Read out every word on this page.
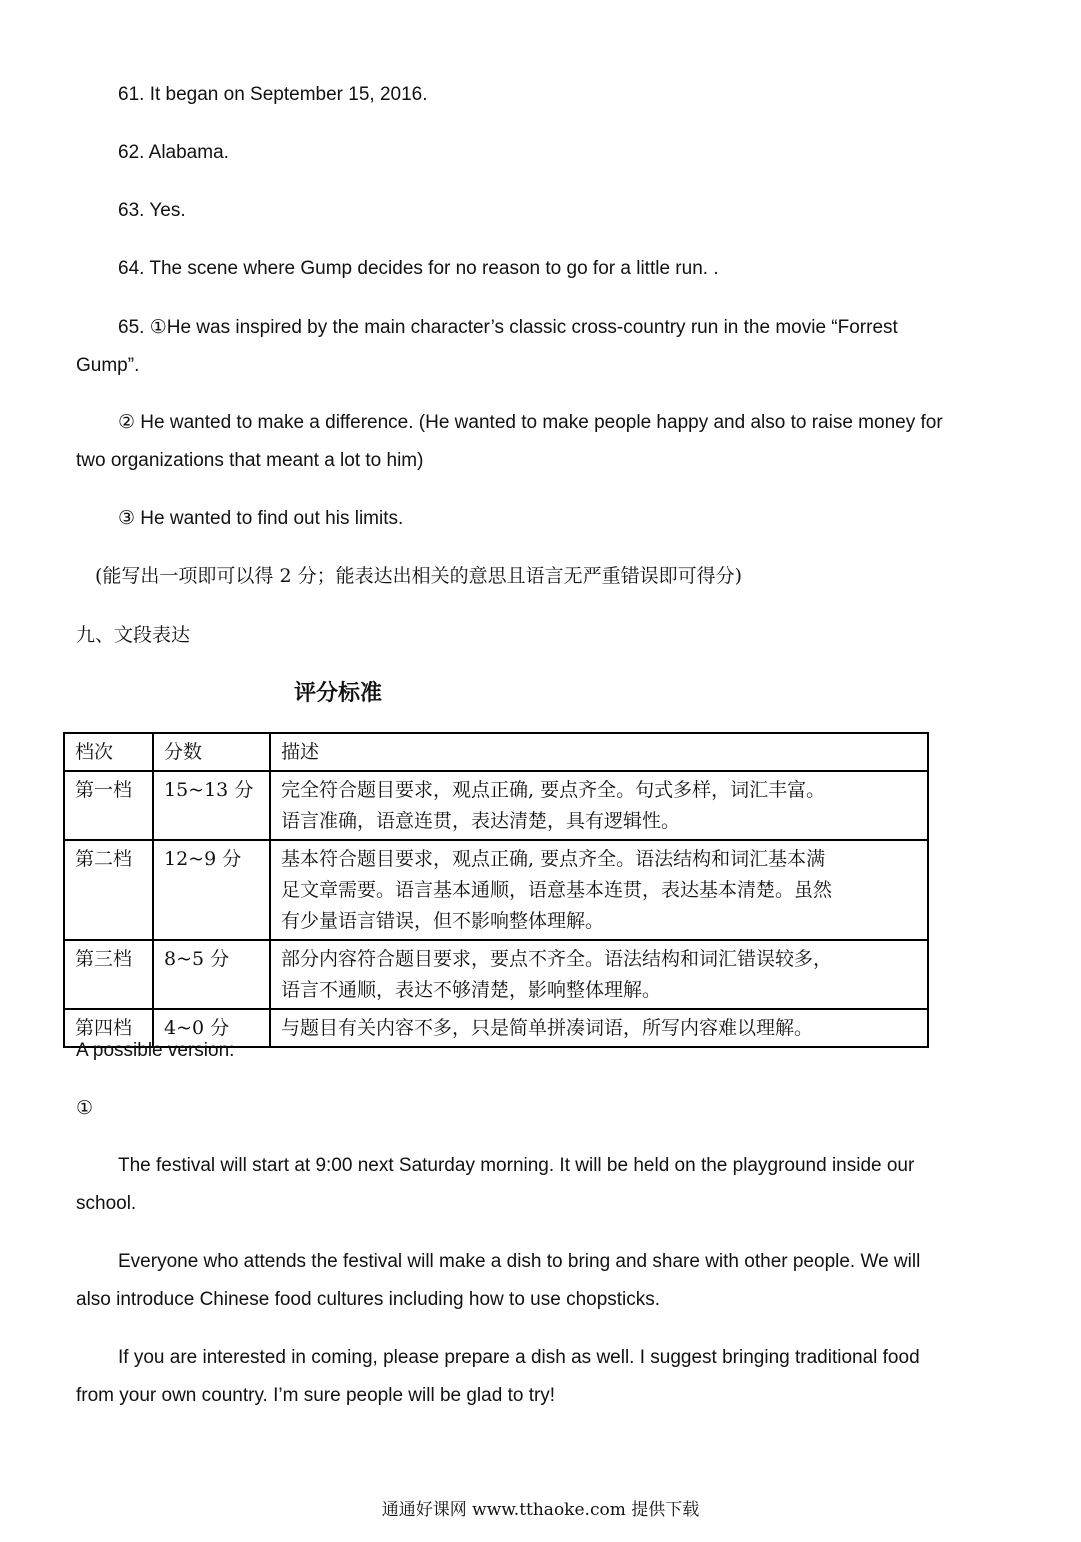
61. It began on September 15, 2016.
62. Alabama.
63. Yes.
64. The scene where Gump decides for no reason to go for a little run. .
65. ①He was inspired by the main character’s classic cross-country run in the movie “Forrest
Gump”.
② He wanted to make a difference. (He wanted to make people happy and also to raise money for
two organizations that meant a lot to him)
③ He wanted to find out his limits.
(能写出一项即可以得 2 分；能表达出相关的意思且语言无严重错误即可得分)
九、文段表达
评分标准
档次	分数	描述
第一档	15~13 分	完全符合题目要求，观点正确, 要点齐全。句式多样，词汇丰富。
语言准确，语意连贯，表达清楚，具有逻辑性。

第二档	12~9 分	基本符合题目要求，观点正确, 要点齐全。语法结构和词汇基本满
足文章需要。语言基本通顺，语意基本连贯，表达基本清楚。虽然
有少量语言错误，但不影响整体理解。

第三档	8~5 分	部分内容符合题目要求，要点不齐全。语法结构和词汇错误较多，
语言不通顺，表达不够清楚，影响整体理解。

第四档	4~0 分	与题目有关内容不多，只是简单拼凑词语，所写内容难以理解。
A possible version:
①
The festival will start at 9:00 next Saturday morning. It will be held on the playground inside our
school.
Everyone who attends the festival will make a dish to bring and share with other people. We will
also introduce Chinese food cultures including how to use chopsticks.
If you are interested in coming, please prepare a dish as well. I suggest bringing traditional food
from your own country. I’m sure people will be glad to try!
通通好课网 www.tthaoke.com 提供下载
